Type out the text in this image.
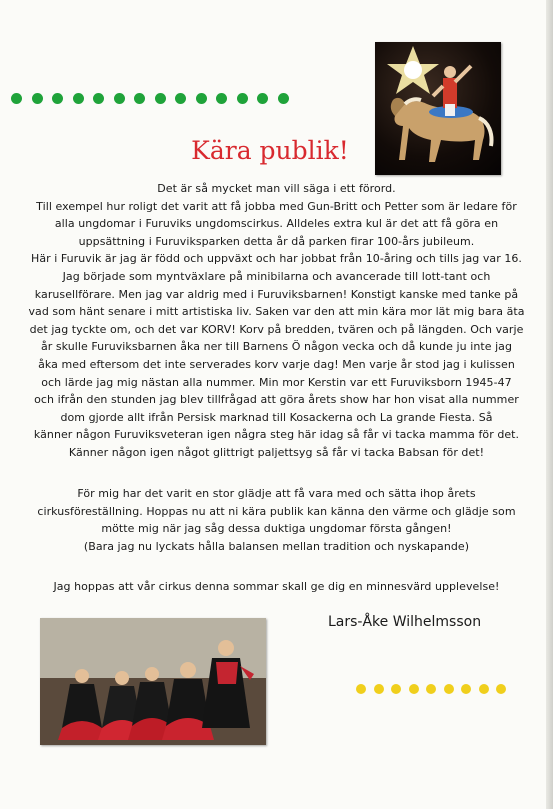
Kära publik!
Det är så mycket man vill säga i ett förord.
Till exempel hur roligt det varit att få jobba med Gun-Britt och Petter som är ledare för
alla ungdomar i Furuviks ungdomscirkus. Alldeles extra kul är det att få göra en
uppsättning i Furuviksparken detta år då parken firar 100-års jubileum.
Här i Furuvik är jag är född och uppväxt och har jobbat från 10-åring och tills jag var 16.
Jag började som myntväxlare på minibilarna och avancerade till lott-tant och
karusellförare. Men jag var aldrig med i Furuviksbarnen! Konstigt kanske med tanke på
vad som hänt senare i mitt artistiska liv. Saken var den att min kära mor lät mig bara äta
det jag tyckte om, och det var KORV! Korv på bredden, tvären och på längden. Och varje
år skulle Furuviksbarnen åka ner till Barnens Ö någon vecka och då kunde ju inte jag
åka med eftersom det inte serverades korv varje dag! Men varje år stod jag i kulissen
och lärde jag mig nästan alla nummer. Min mor Kerstin var ett Furuviksborn 1945-47
och ifrån den stunden jag blev tillfrågad att göra årets show har hon visat alla nummer
dom gjorde allt ifrån Persisk marknad till Kosackerna och La grande Fiesta. Så
känner någon Furuviksveteran igen några steg här idag så får vi tacka mamma för det.
Känner någon igen något glittrigt paljettsyg så får vi tacka Babsan för det!
För mig har det varit en stor glädje att få vara med och sätta ihop årets
cirkusföreställning. Hoppas nu att ni kära publik kan känna den värme och glädje som
mötte mig när jag såg dessa duktiga ungdomar första gången!
(Bara jag nu lyckats hålla balansen mellan tradition och nyskapande)
Jag hoppas att vår cirkus denna sommar skall ge dig en minnesvärd upplevelse!
Lars-Åke Wilhelmsson
